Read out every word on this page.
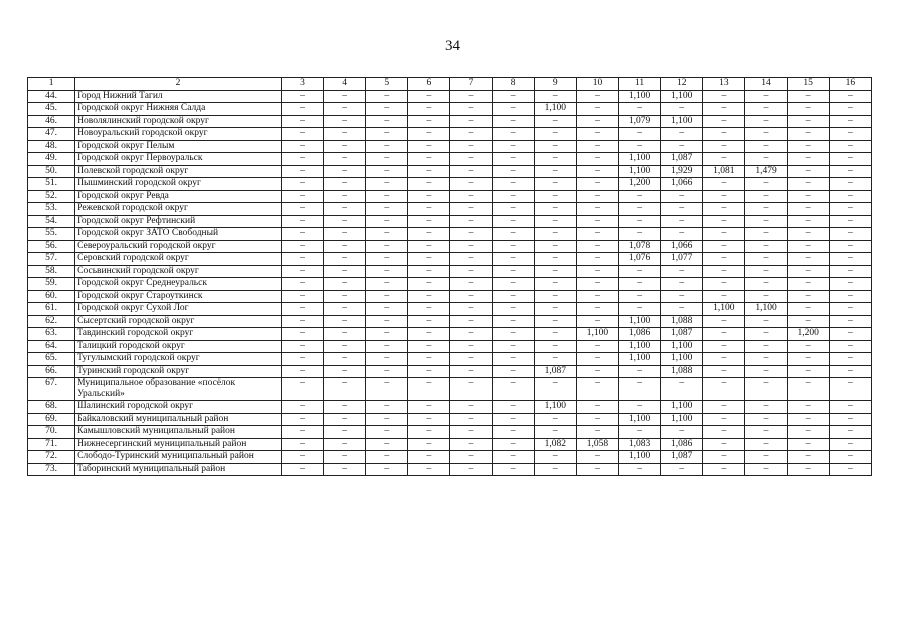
34
1	2	3	4	5	6	7	8	9	10	11	12	13	14	15	16
44.	Город Нижний Тагил	–	–	–	–	–	–	–	–	1,100	1,100	–	–	–	–
45.	Городской округ Нижняя Салда	–	–	–	–	–	–	1,100	–	–	–	–	–	–	–
46.	Новолялинский городской округ	–	–	–	–	–	–	–	–	1,079	1,100	–	–	–	–
47.	Новоуральский городской округ	–	–	–	–	–	–	–	–	–	–	–	–	–	–
48.	Городской округ Пелым	–	–	–	–	–	–	–	–	–	–	–	–	–	–
49.	Городской округ Первоуральск	–	–	–	–	–	–	–	–	1,100	1,087	–	–	–	–
50.	Полевской городской округ	–	–	–	–	–	–	–	–	1,100	1,929	1,081	1,479	–	–
51.	Пышминский городской округ	–	–	–	–	–	–	–	–	1,200	1,066	–	–	–	–
52.	Городской округ Ревда	–	–	–	–	–	–	–	–	–	–	–	–	–	–
53.	Режевской городской округ	–	–	–	–	–	–	–	–	–	–	–	–	–	–
54.	Городской округ Рефтинский	–	–	–	–	–	–	–	–	–	–	–	–	–	–
55.	Городской округ ЗАТО Свободный	–	–	–	–	–	–	–	–	–	–	–	–	–	–
56.	Североуральский городской округ	–	–	–	–	–	–	–	–	1,078	1,066	–	–	–	–
57.	Серовский городской округ	–	–	–	–	–	–	–	–	1,076	1,077	–	–	–	–
58.	Сосьвинский городской округ	–	–	–	–	–	–	–	–	–	–	–	–	–	–
59.	Городской округ Среднеуральск	–	–	–	–	–	–	–	–	–	–	–	–	–	–
60.	Городской округ Староуткинск	–	–	–	–	–	–	–	–	–	–	–	–	–	–
61.	Городской округ Сухой Лог	–	–	–	–	–	–	–	–	–	–	1,100	1,100	–	–
62.	Сысертский городской округ	–	–	–	–	–	–	–	–	1,100	1,088	–	–	–	–
63.	Тавдинский городской округ	–	–	–	–	–	–	–	1,100	1,086	1,087	–	–	1,200	–
64.	Талицкий городской округ	–	–	–	–	–	–	–	–	1,100	1,100	–	–	–	–
65.	Тугулымский городской округ	–	–	–	–	–	–	–	–	1,100	1,100	–	–	–	–
66.	Туринский городской округ	–	–	–	–	–	–	1,087	–	–	1,088	–	–	–	–
67.	Муниципальное образование «посёлок Уральский»	–	–	–	–	–	–	–	–	–	–	–	–	–	–
68.	Шалинский городской округ	–	–	–	–	–	–	1,100	–	–	1,100	–	–	–	–
69.	Байкаловский муниципальный район	–	–	–	–	–	–	–	–	1,100	1,100	–	–	–	–
70.	Камышловский муниципальный район	–	–	–	–	–	–	–	–	–	–	–	–	–	–
71.	Нижнесергинский муниципальный район	–	–	–	–	–	–	1,082	1,058	1,083	1,086	–	–	–	–
72.	Слободо-Туринский муниципальный район	–	–	–	–	–	–	–	–	1,100	1,087	–	–	–	–
73.	Таборинский муниципальный район	–	–	–	–	–	–	–	–	–	–	–	–	–	–
